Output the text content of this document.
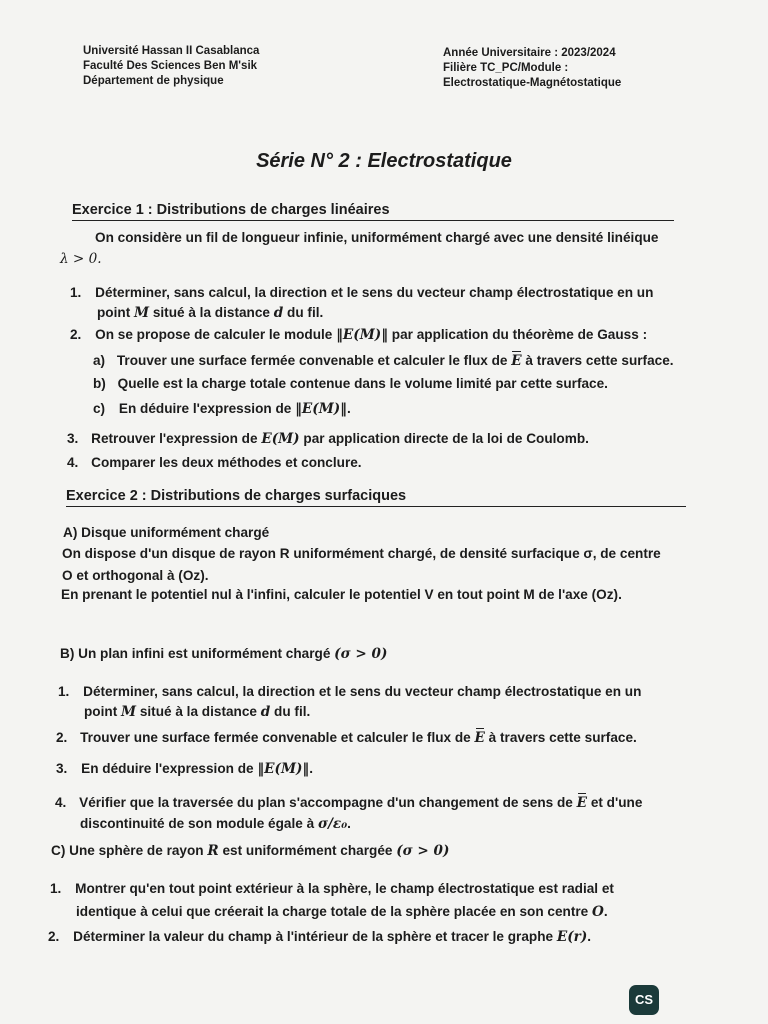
Université Hassan II Casablanca
Faculté Des Sciences Ben M'sik
Département de physique
Année Universitaire : 2023/2024
Filière TC_PC/Module :
Electrostatique-Magnétostatique
Série N° 2 : Electrostatique
Exercice 1 : Distributions de charges linéaires
On considère un fil de longueur infinie, uniformément chargé avec une densité linéique
λ > 0.
1. Déterminer, sans calcul, la direction et le sens du vecteur champ électrostatique en un
point M situé à la distance d du fil.
2. On se propose de calculer le module ‖E(M)‖ par application du théorème de Gauss :
a) Trouver une surface fermée convenable et calculer le flux de E à travers cette surface.
b) Quelle est la charge totale contenue dans le volume limité par cette surface.
c) En déduire l'expression de ‖E(M)‖.
3. Retrouver l'expression de E(M) par application directe de la loi de Coulomb.
4. Comparer les deux méthodes et conclure.
Exercice 2 : Distributions de charges surfaciques
A) Disque uniformément chargé
On dispose d'un disque de rayon R uniformément chargé, de densité surfacique σ, de centre
O et orthogonal à (Oz).
En prenant le potentiel nul à l'infini, calculer le potentiel V en tout point M de l'axe (Oz).
B) Un plan infini est uniformément chargé (σ > 0)
1. Déterminer, sans calcul, la direction et le sens du vecteur champ électrostatique en un
point M situé à la distance d du fil.
2. Trouver une surface fermée convenable et calculer le flux de E à travers cette surface.
3. En déduire l'expression de ‖E(M)‖.
4. Vérifier que la traversée du plan s'accompagne d'un changement de sens de E et d'une
discontinuité de son module égale à σ/ε₀.
C) Une sphère de rayon R est uniformément chargée (σ > 0)
1. Montrer qu'en tout point extérieur à la sphère, le champ électrostatique est radial et
identique à celui que créerait la charge totale de la sphère placée en son centre O.
2. Déterminer la valeur du champ à l'intérieur de la sphère et tracer le graphe E(r).
CS
